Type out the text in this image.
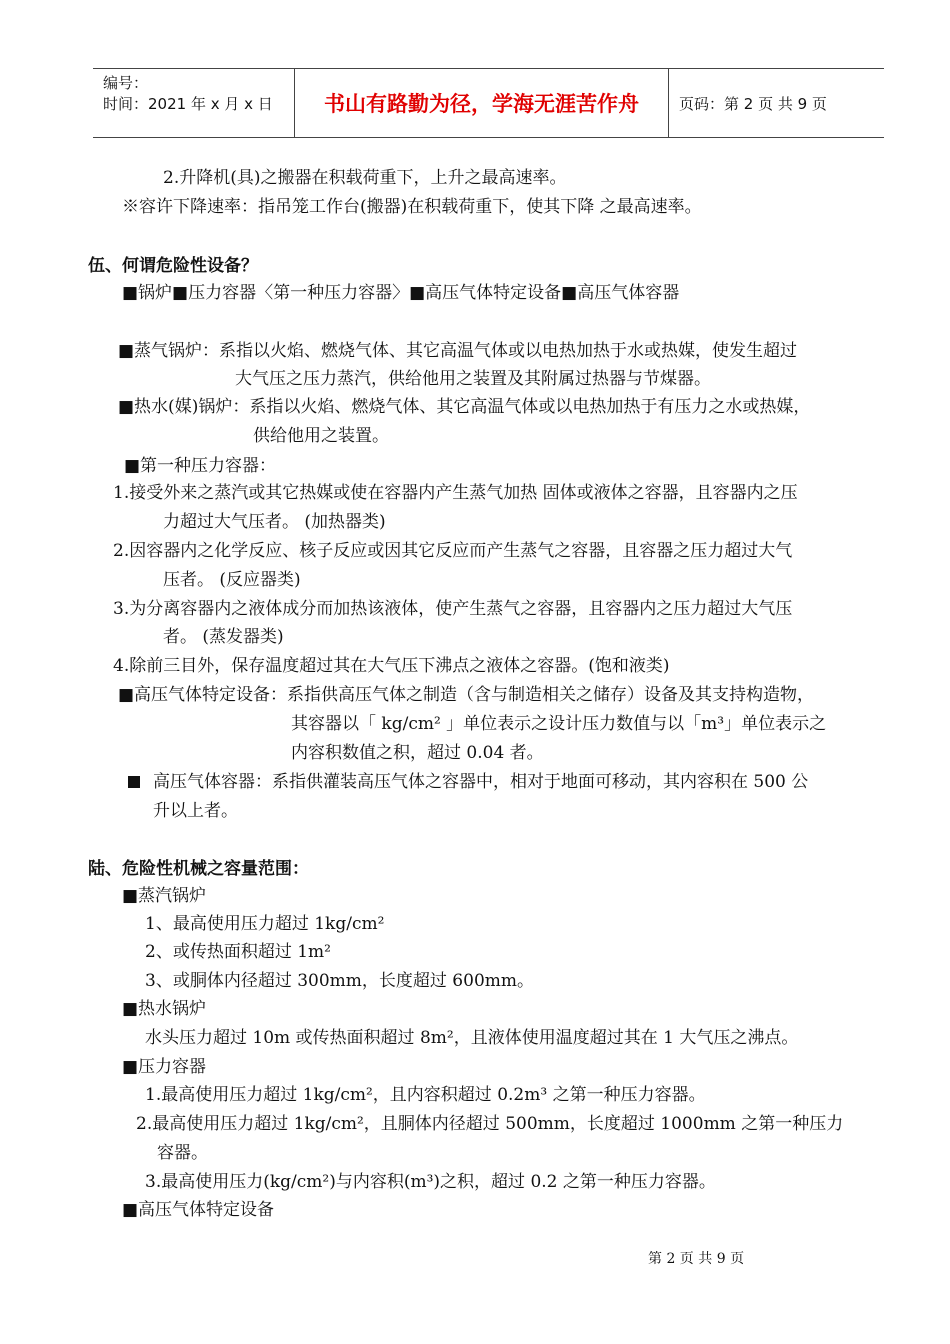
编号：
时间：2021 年 x 月 x 日	书山有路勤为径，学海无涯苦作舟	页码：第 2 页 共 9 页
2.升降机(具)之搬器在积载荷重下，上升之最高速率。
※容许下降速率：指吊笼工作台(搬器)在积载荷重下，使其下降 之最高速率。
伍、何谓危险性设备？
■锅炉■压力容器〈第一种压力容器〉■高压气体特定设备■高压气体容器
■蒸气锅炉：系指以火焰、燃烧气体、其它高温气体或以电热加热于水或热媒，使发生超过
大气压之压力蒸汽，供给他用之装置及其附属过热器与节煤器。
■热水(媒)锅炉：系指以火焰、燃烧气体、其它高温气体或以电热加热于有压力之水或热媒，
供给他用之装置。
■第一种压力容器：
1.接受外来之蒸汽或其它热媒或使在容器内产生蒸气加热 固体或液体之容器，且容器内之压
力超过大气压者。 (加热器类)
2.因容器内之化学反应、核子反应或因其它反应而产生蒸气之容器，且容器之压力超过大气
压者。 (反应器类)
3.为分离容器内之液体成分而加热该液体，使产生蒸气之容器，且容器内之压力超过大气压
者。 (蒸发器类)
4.除前三目外，保存温度超过其在大气压下沸点之液体之容器。(饱和液类)
■高压气体特定设备：系指供高压气体之制造（含与制造相关之储存）设备及其支持构造物，
其容器以「 kg/cm² 」单位表示之设计压力数值与以「m³」单位表示之
内容积数值之积，超过 0.04 者。
高压气体容器：系指供灌装高压气体之容器中，相对于地面可移动，其内容积在 500 公
升以上者。
陆、危险性机械之容量范围：
■蒸汽锅炉
1、最高使用压力超过 1kg/cm²
2、或传热面积超过 1m²
3、或胴体内径超过 300mm，长度超过 600mm。
■热水锅炉
水头压力超过 10m 或传热面积超过 8m²，且液体使用温度超过其在 1 大气压之沸点。
■压力容器
1.最高使用压力超过 1kg/cm²，且内容积超过 0.2m³ 之第一种压力容器。
2.最高使用压力超过 1kg/cm²，且胴体内径超过 500mm，长度超过 1000mm 之第一种压力
容器。
3.最高使用压力(kg/cm²)与内容积(m³)之积，超过 0.2 之第一种压力容器。
■高压气体特定设备
第 2 页 共 9 页
